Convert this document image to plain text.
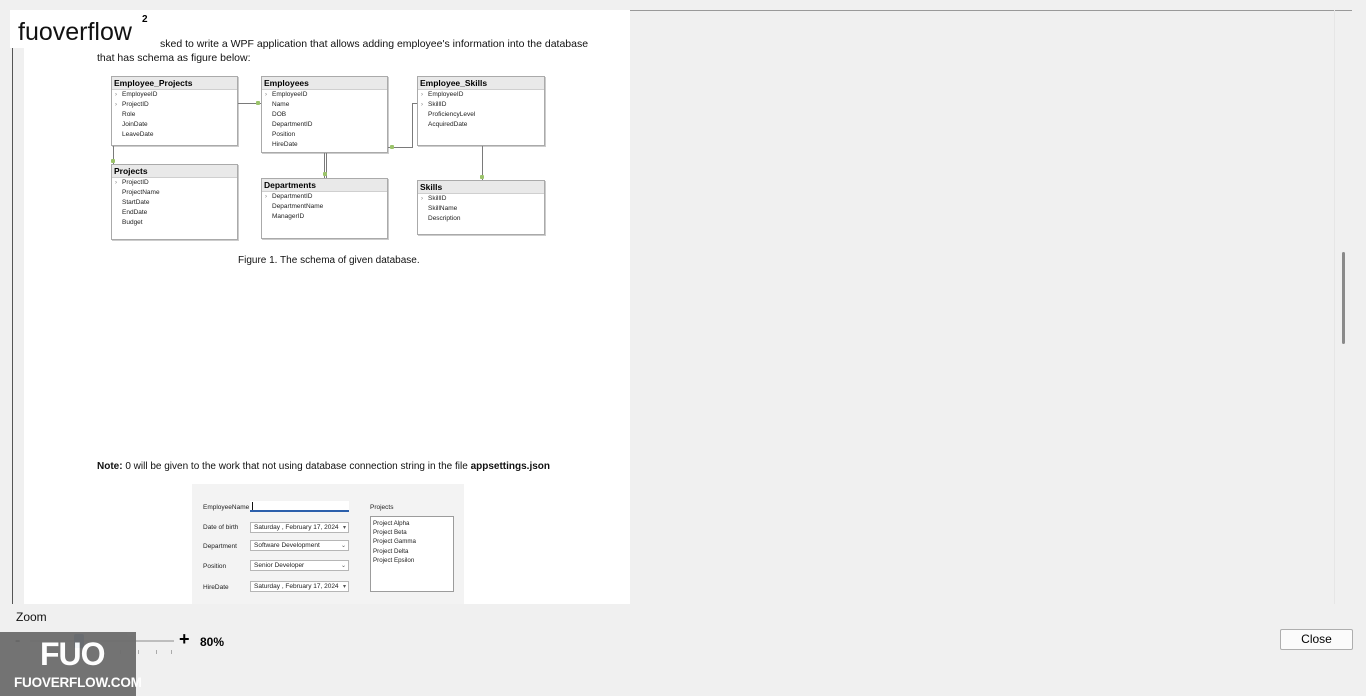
sked to write a WPF application that allows adding employee's information into the database
that has schema as figure below:
Employee_Projects
› EmployeeID
› ProjectID
Role
JoinDate
LeaveDate
Employees
› EmployeeID
Name
DOB
DepartmentID
Position
HireDate
Employee_Skills
› EmployeeID
› SkillID
ProficiencyLevel
AcquiredDate
Projects
› ProjectID
ProjectName
StartDate
EndDate
Budget
Departments
› DepartmentID
DepartmentName
ManagerID
Skills
› SkillID
SkillName
Description
Figure 1. The schema of given database.
Note: 0 will be given to the work that not using database connection string in the file appsettings.json
EmployeeName
Date of birth	Saturday , February 17, 2024 ▾
Department	Software Development	⌄
Position	Senior Developer	⌄
HireDate	Saturday , February 17, 2024 ▾
Projects
Project Alpha
Project Beta
Project Gamma
Project Delta
Project Epsilon
2
fuoverflow
Zoom
+ 80%	Close
FUO
FUOVERFLOW.COM
